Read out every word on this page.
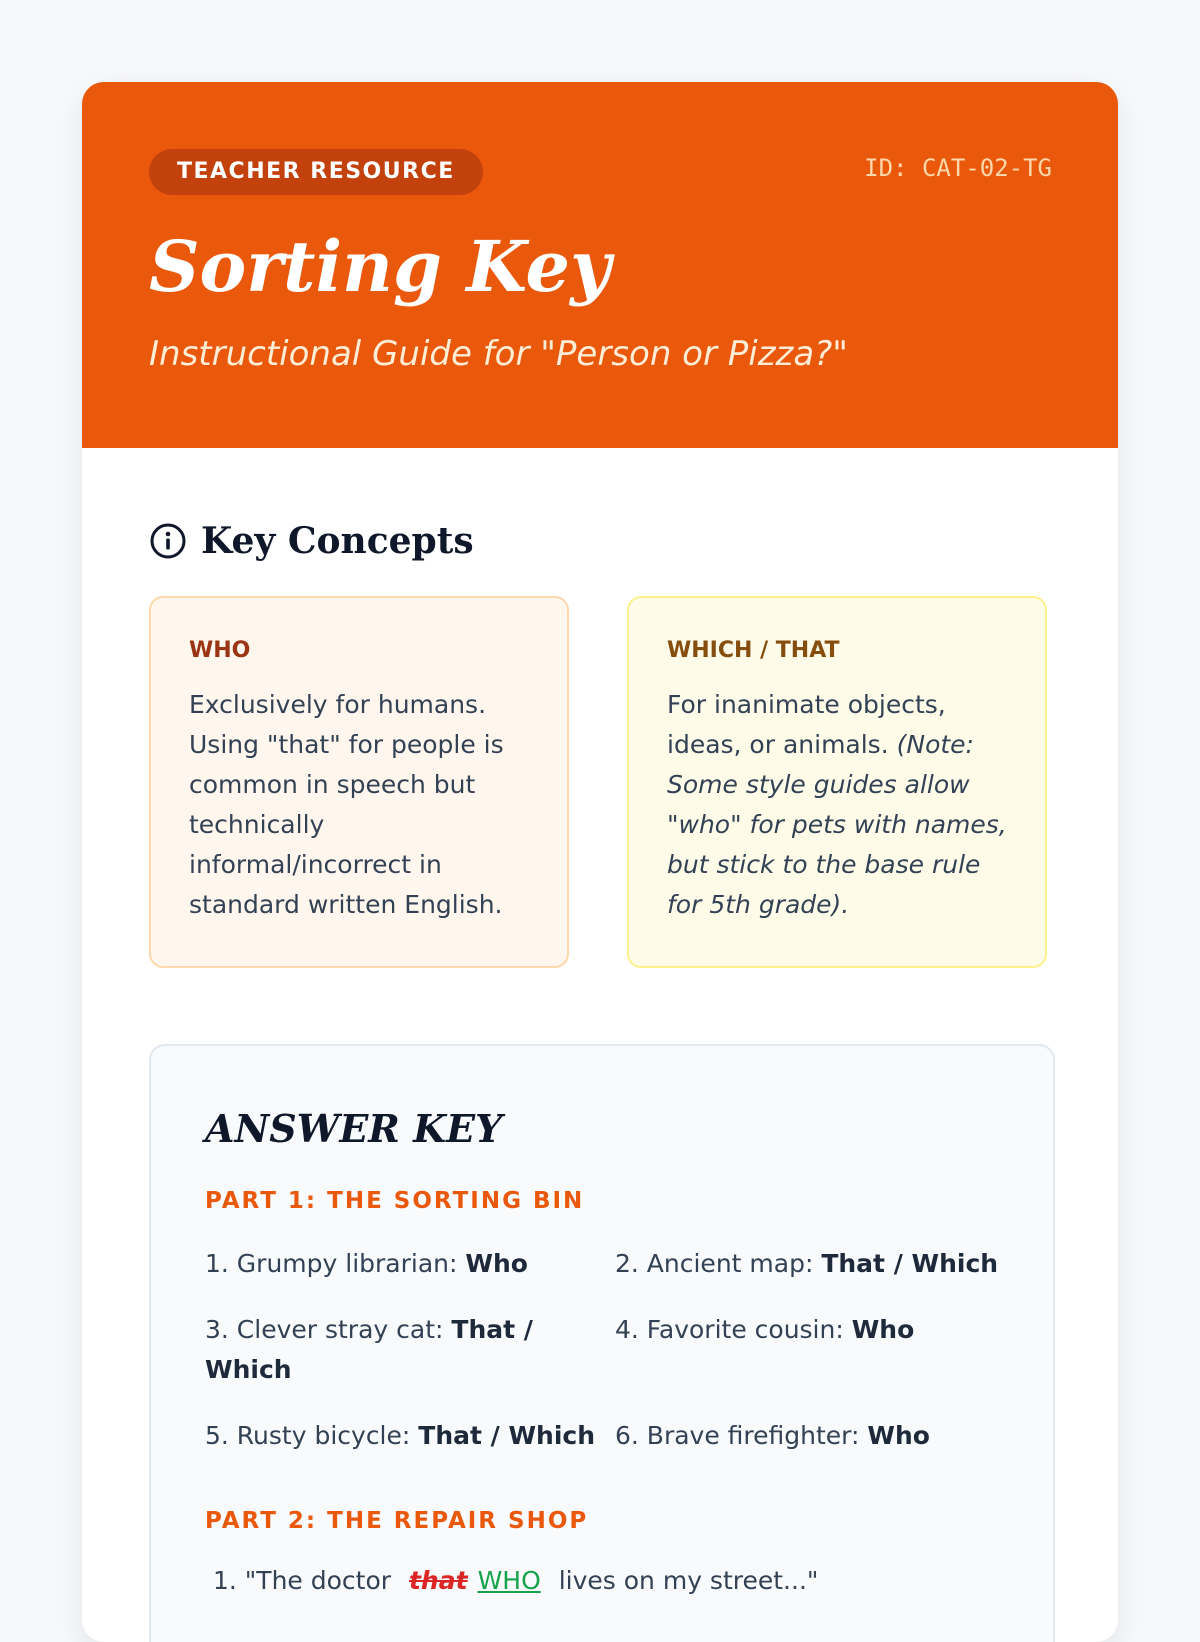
TEACHER RESOURCE	ID: CAT-02-TG
Sorting Key

Instructional Guide for "Person or Pizza?"

Key Concepts

WHO

Exclusively for humans. Using "that" for people is common in speech but technically informal/incorrect in standard written English.

WHICH / THAT

For inanimate objects, ideas, or animals. (Note: Some style guides allow "who" for pets with names, but stick to the base rule for 5th grade).

ANSWER KEY

PART 1: THE SORTING BIN

1. Grumpy librarian: Who	2. Ancient map: That / Which
3. Clever stray cat: That / Which
4. Favorite cousin: Who
5. Rusty bicycle: That / Which 6. Brave firefighter: Who

PART 2: THE REPAIR SHOP

1. "The doctor that WHO lives on my street..."
